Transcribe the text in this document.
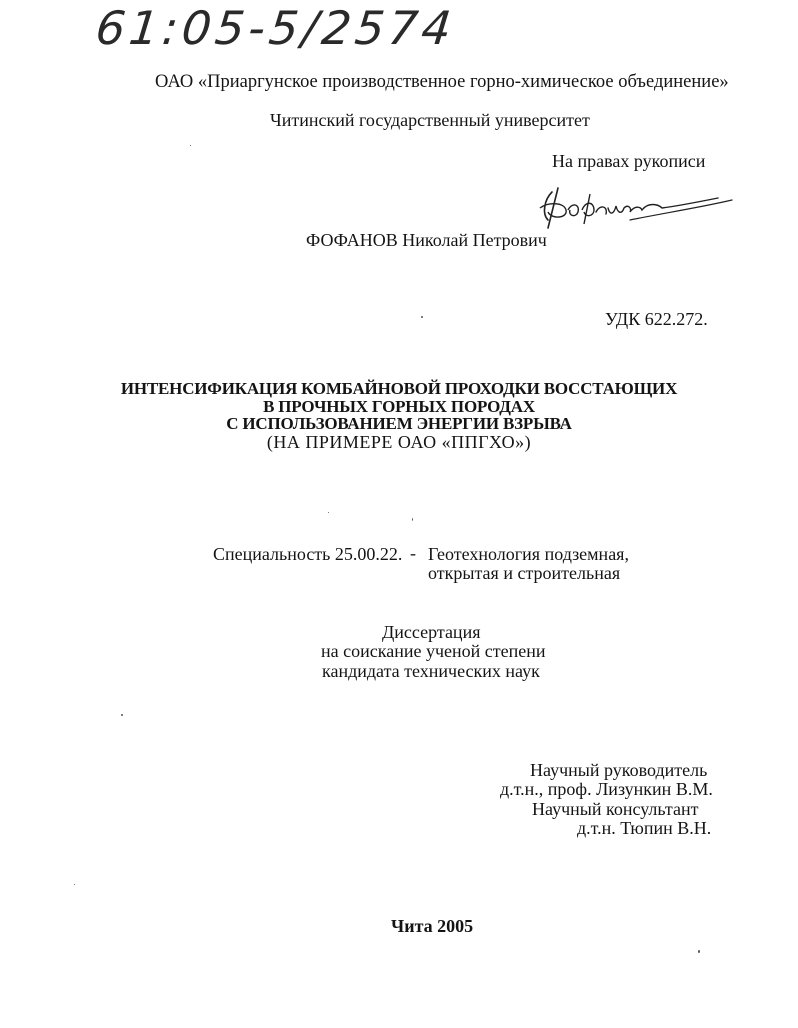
61:05-5/2574
ОАО «Приаргунское производственное горно-химическое объединение»
Читинский государственный университет
На правах рукописи
ФОФАНОВ Николай Петрович
УДК 622.272.
ИНТЕНСИФИКАЦИЯ КОМБАЙНОВОЙ ПРОХОДКИ ВОССТАЮЩИХ
В ПРОЧНЫХ ГОРНЫХ ПОРОДАХ
С ИСПОЛЬЗОВАНИЕМ ЭНЕРГИИ ВЗРЫВА
(НА ПРИМЕРЕ ОАО «ППГХО»)
Специальность 25.00.22. - Геотехнология подземная,
открытая и строительная
Диссертация
на соискание ученой степени
кандидата технических наук
Научный руководитель
д.т.н., проф. Лизункин В.М.
Научный консультант
д.т.н. Тюпин В.Н.
Чита 2005
